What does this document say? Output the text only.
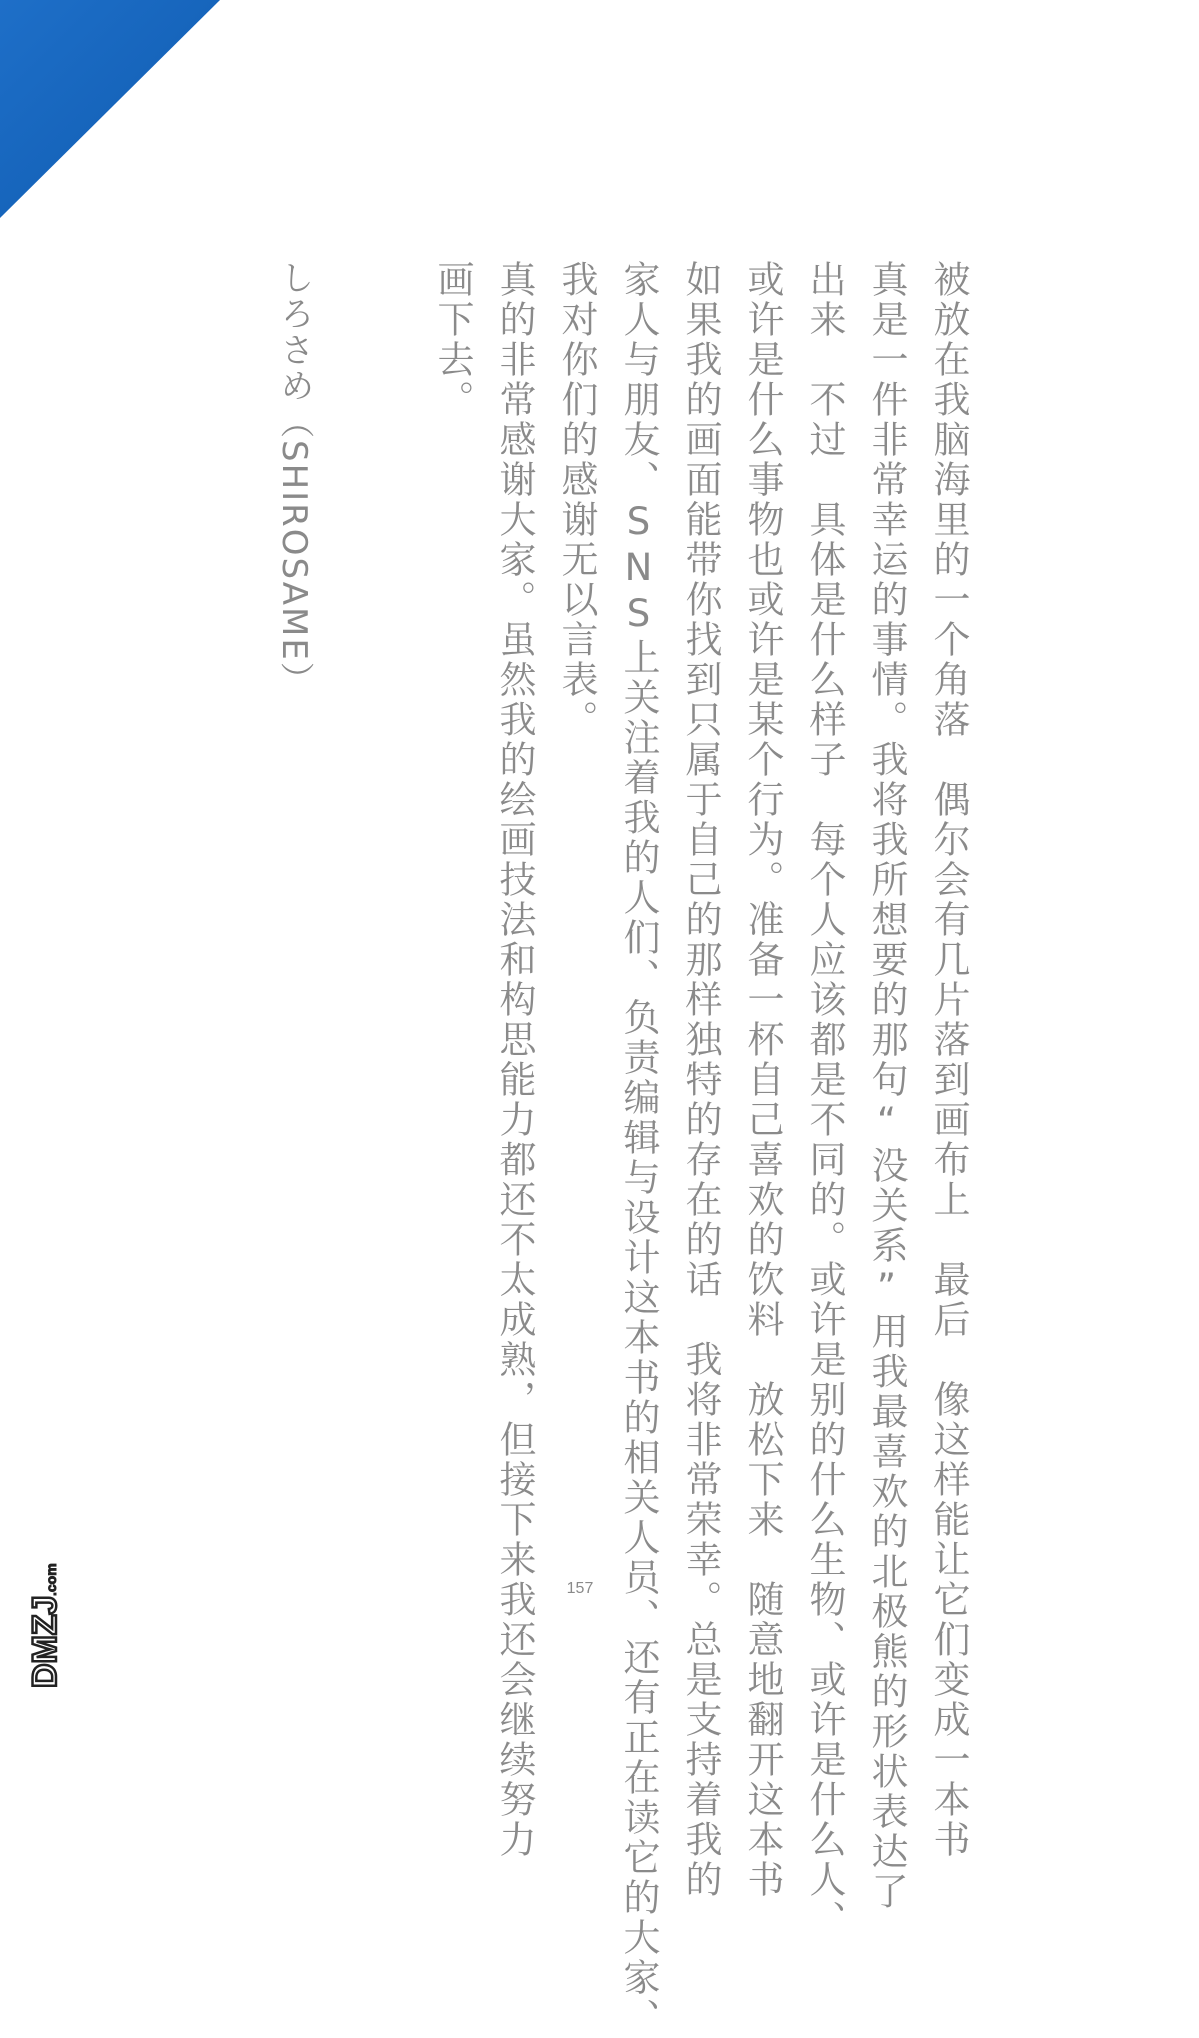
被放在我脑海里的一个角落　偶尔会有几片落到画布上　最后　像这样能让它们变成一本书
真是一件非常幸运的事情。我将我所想要的那句“没关系”用我最喜欢的北极熊的形状表达了
出来　不过　具体是什么样子　每个人应该都是不同的。或许是别的什么生物、或许是什么人、
或许是什么事物也或许是某个行为。准备一杯自己喜欢的饮料　放松下来　随意地翻开这本书
如果我的画面能带你找到只属于自己的那样独特的存在的话　我将非常荣幸。总是支持着我的
家人与朋友、SNS上关注着我的人们、负责编辑与设计这本书的相关人员、还有正在读它的大家、
我对你们的感谢无以言表。
真的非常感谢大家。虽然我的绘画技法和构思能力都还不太成熟，但接下来我还会继续努力
画下去。
しろさめ（SHIROSAME）
157
DMZJ
.com
